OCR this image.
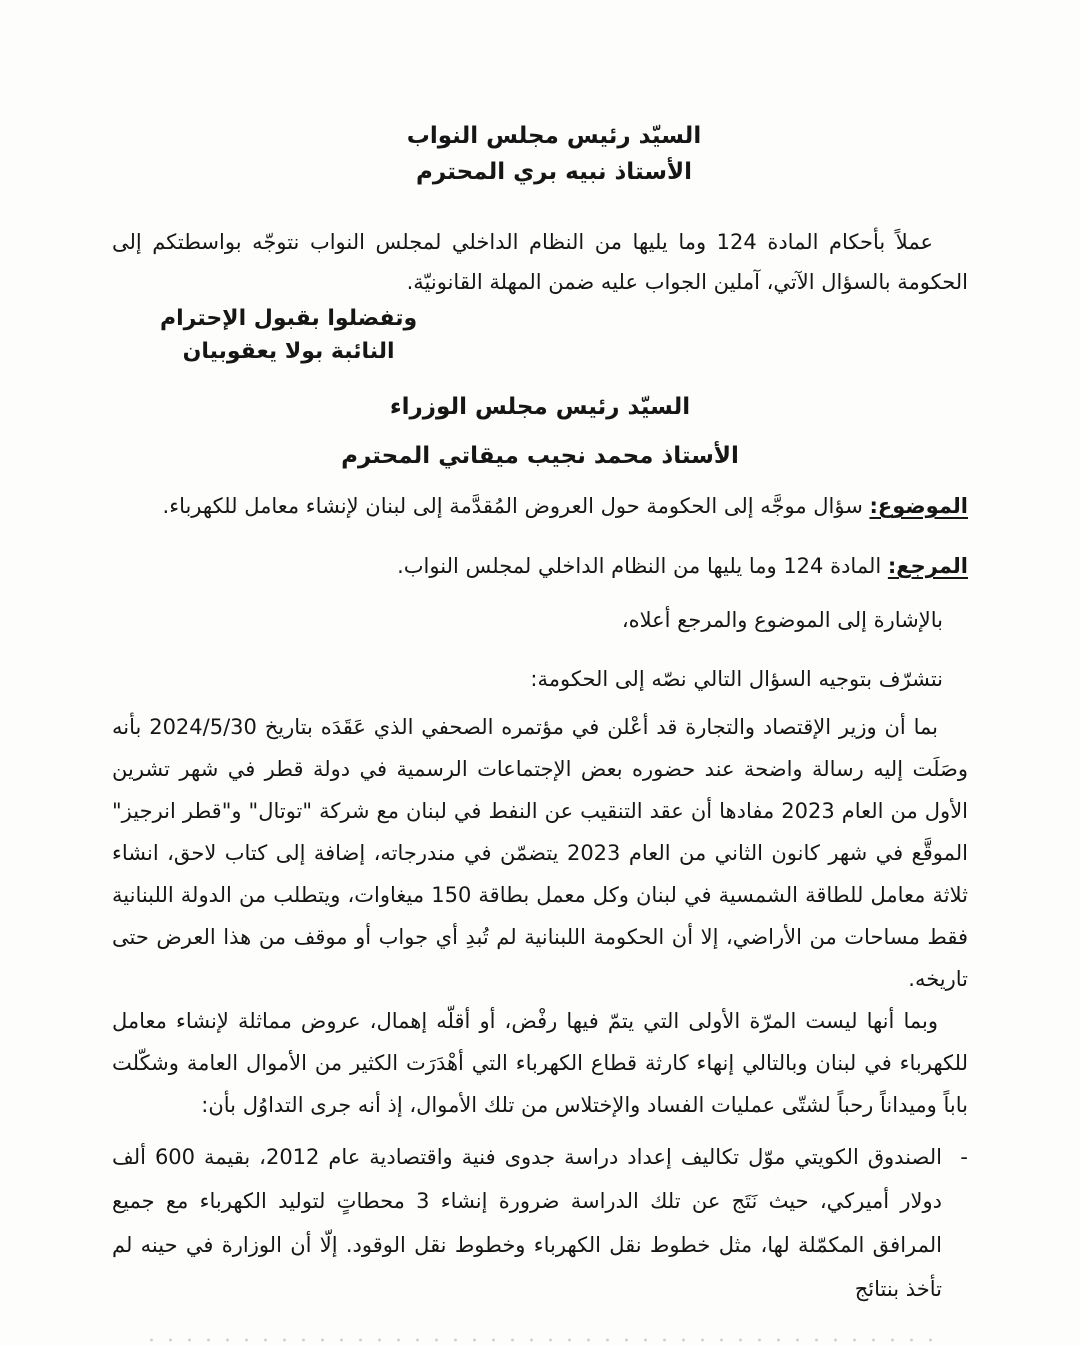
السيّد رئيس مجلس النواب
الأستاذ نبيه بري المحترم

عملاً بأحكام المادة 124 وما يليها من النظام الداخلي لمجلس النواب نتوجّه بواسطتكم إلى الحكومة بالسؤال الآتي، آملين الجواب عليه ضمن المهلة القانونيّة.

وتفضلوا بقبول الإحترام
النائبة بولا يعقوبيان
السيّد رئيس مجلس الوزراء
الأستاذ محمد نجيب ميقاتي المحترم
الموضوع: سؤال موجَّه إلى الحكومة حول العروض المُقدَّمة إلى لبنان لإنشاء معامل للكهرباء.
المرجع: المادة 124 وما يليها من النظام الداخلي لمجلس النواب.
بالإشارة إلى الموضوع والمرجع أعلاه،
نتشرّف بتوجيه السؤال التالي نصّه إلى الحكومة:

بما أن وزير الإقتصاد والتجارة قد أعْلن في مؤتمره الصحفي الذي عَقَدَه بتاريخ 2024/5/30 بأنه وصَلَت إليه رسالة واضحة عند حضوره بعض الإجتماعات الرسمية في دولة قطر في شهر تشرين الأول من العام 2023 مفادها أن عقد التنقيب عن النفط في لبنان مع شركة "توتال" و"قطر انرجيز" الموقَّع في شهر كانون الثاني من العام 2023 يتضمّن في مندرجاته، إضافة إلى كتاب لاحق، انشاء ثلاثة معامل للطاقة الشمسية في لبنان وكل معمل بطاقة 150 ميغاوات، ويتطلب من الدولة اللبنانية فقط مساحات من الأراضي، إلا أن الحكومة اللبنانية لم تُبدِ أي جواب أو موقف من هذا العرض حتى تاريخه.

وبما أنها ليست المرّة الأولى التي يتمّ فيها رفْض، أو أقلّه إهمال، عروض مماثلة لإنشاء معامل للكهرباء في لبنان وبالتالي إنهاء كارثة قطاع الكهرباء التي أهْدَرَت الكثير من الأموال العامة وشكّلت باباً وميداناً رحباً لشتّى عمليات الفساد والإختلاس من تلك الأموال، إذ أنه جرى التداوُل بأن:

-

الصندوق الكويتي موّل تكاليف إعداد دراسة جدوى فنية واقتصادية عام 2012، بقيمة 600 ألف دولار أميركي، حيث نَتَج عن تلك الدراسة ضرورة إنشاء 3 محطاتٍ لتوليد الكهرباء مع جميع المرافق المكمّلة لها، مثل خطوط نقل الكهرباء وخطوط نقل الوقود. إلّا أن الوزارة في حينه لم تأخذ بنتائج
